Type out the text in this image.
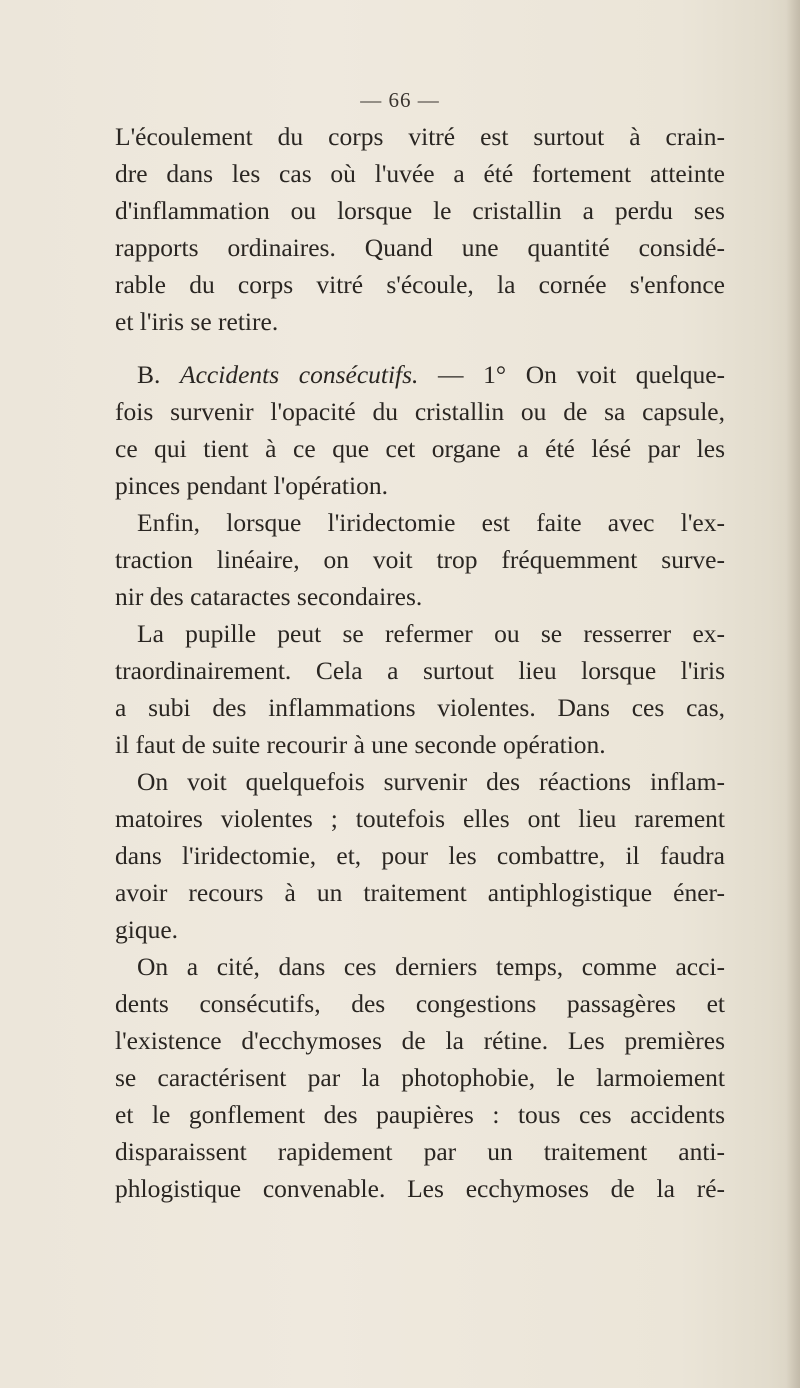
— 66 —
L'écoulement du corps vitré est surtout à crain-
dre dans les cas où l'uvée a été fortement atteinte
d'inflammation ou lorsque le cristallin a perdu ses
rapports ordinaires. Quand une quantité considé-
rable du corps vitré s'écoule, la cornée s'enfonce
et l'iris se retire.
B. Accidents consécutifs. — 1° On voit quelque-
fois survenir l'opacité du cristallin ou de sa capsule,
ce qui tient à ce que cet organe a été lésé par les
pinces pendant l'opération.
Enfin, lorsque l'iridectomie est faite avec l'ex-
traction linéaire, on voit trop fréquemment surve-
nir des cataractes secondaires.
La pupille peut se refermer ou se resserrer ex-
traordinairement. Cela a surtout lieu lorsque l'iris
a subi des inflammations violentes. Dans ces cas,
il faut de suite recourir à une seconde opération.
On voit quelquefois survenir des réactions inflam-
matoires violentes ; toutefois elles ont lieu rarement
dans l'iridectomie, et, pour les combattre, il faudra
avoir recours à un traitement antiphlogistique éner-
gique.
On a cité, dans ces derniers temps, comme acci-
dents consécutifs, des congestions passagères et
l'existence d'ecchymoses de la rétine. Les premières
se caractérisent par la photophobie, le larmoiement
et le gonflement des paupières : tous ces accidents
disparaissent rapidement par un traitement anti-
phlogistique convenable. Les ecchymoses de la ré-
